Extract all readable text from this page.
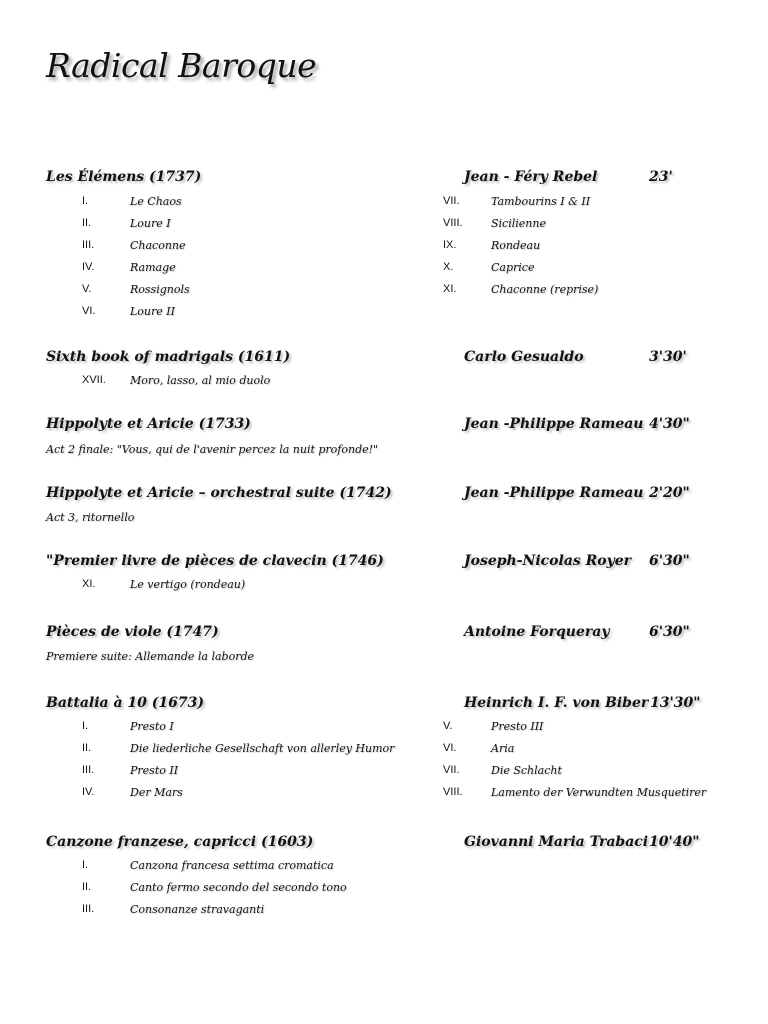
Radical Baroque
Les Élémens (1737)	Jean - Féry Rebel	23'
I.	Le Chaos
II.	Loure I
III.	Chaconne
IV.	Ramage
V.	Rossignols
VI.	Loure II
VII.	Tambourins I & II
VIII.	Sicilienne
IX.	Rondeau
X.	Caprice
XI.	Chaconne (reprise)
Sixth book of madrigals (1611)	Carlo Gesualdo	3'30'
XVII. Moro, lasso, al mio duolo
Hippolyte et Aricie (1733)	Jean -Philippe Rameau 4'30"
Act 2 finale: "Vous, qui de l'avenir percez la nuit profonde!"
Hippolyte et Aricie – orchestral suite (1742)	Jean -Philippe Rameau 2'20"
Act 3, ritornello
"Premier livre de pièces de clavecin (1746)	Joseph-Nicolas Royer 6'30"
XI.	Le vertigo (rondeau)
Pièces de viole (1747)	Antoine Forqueray	6'30"
Premiere suite: Allemande la laborde
Battalia à 10 (1673)	Heinrich I. F. von Biber 13'30"
I.	Presto I
II.	Die liederliche Gesellschaft von allerley Humor
III.	Presto II
IV.	Der Mars
V.	Presto III
VI.	Aria
VII.	Die Schlacht
VIII.	Lamento der Verwundten Musquetirer
Canzone franzese, capricci (1603)	Giovanni Maria Trabaci 10'40"
I.	Canzona francesa settima cromatica
II.	Canto fermo secondo del secondo tono
III.	Consonanze stravaganti
